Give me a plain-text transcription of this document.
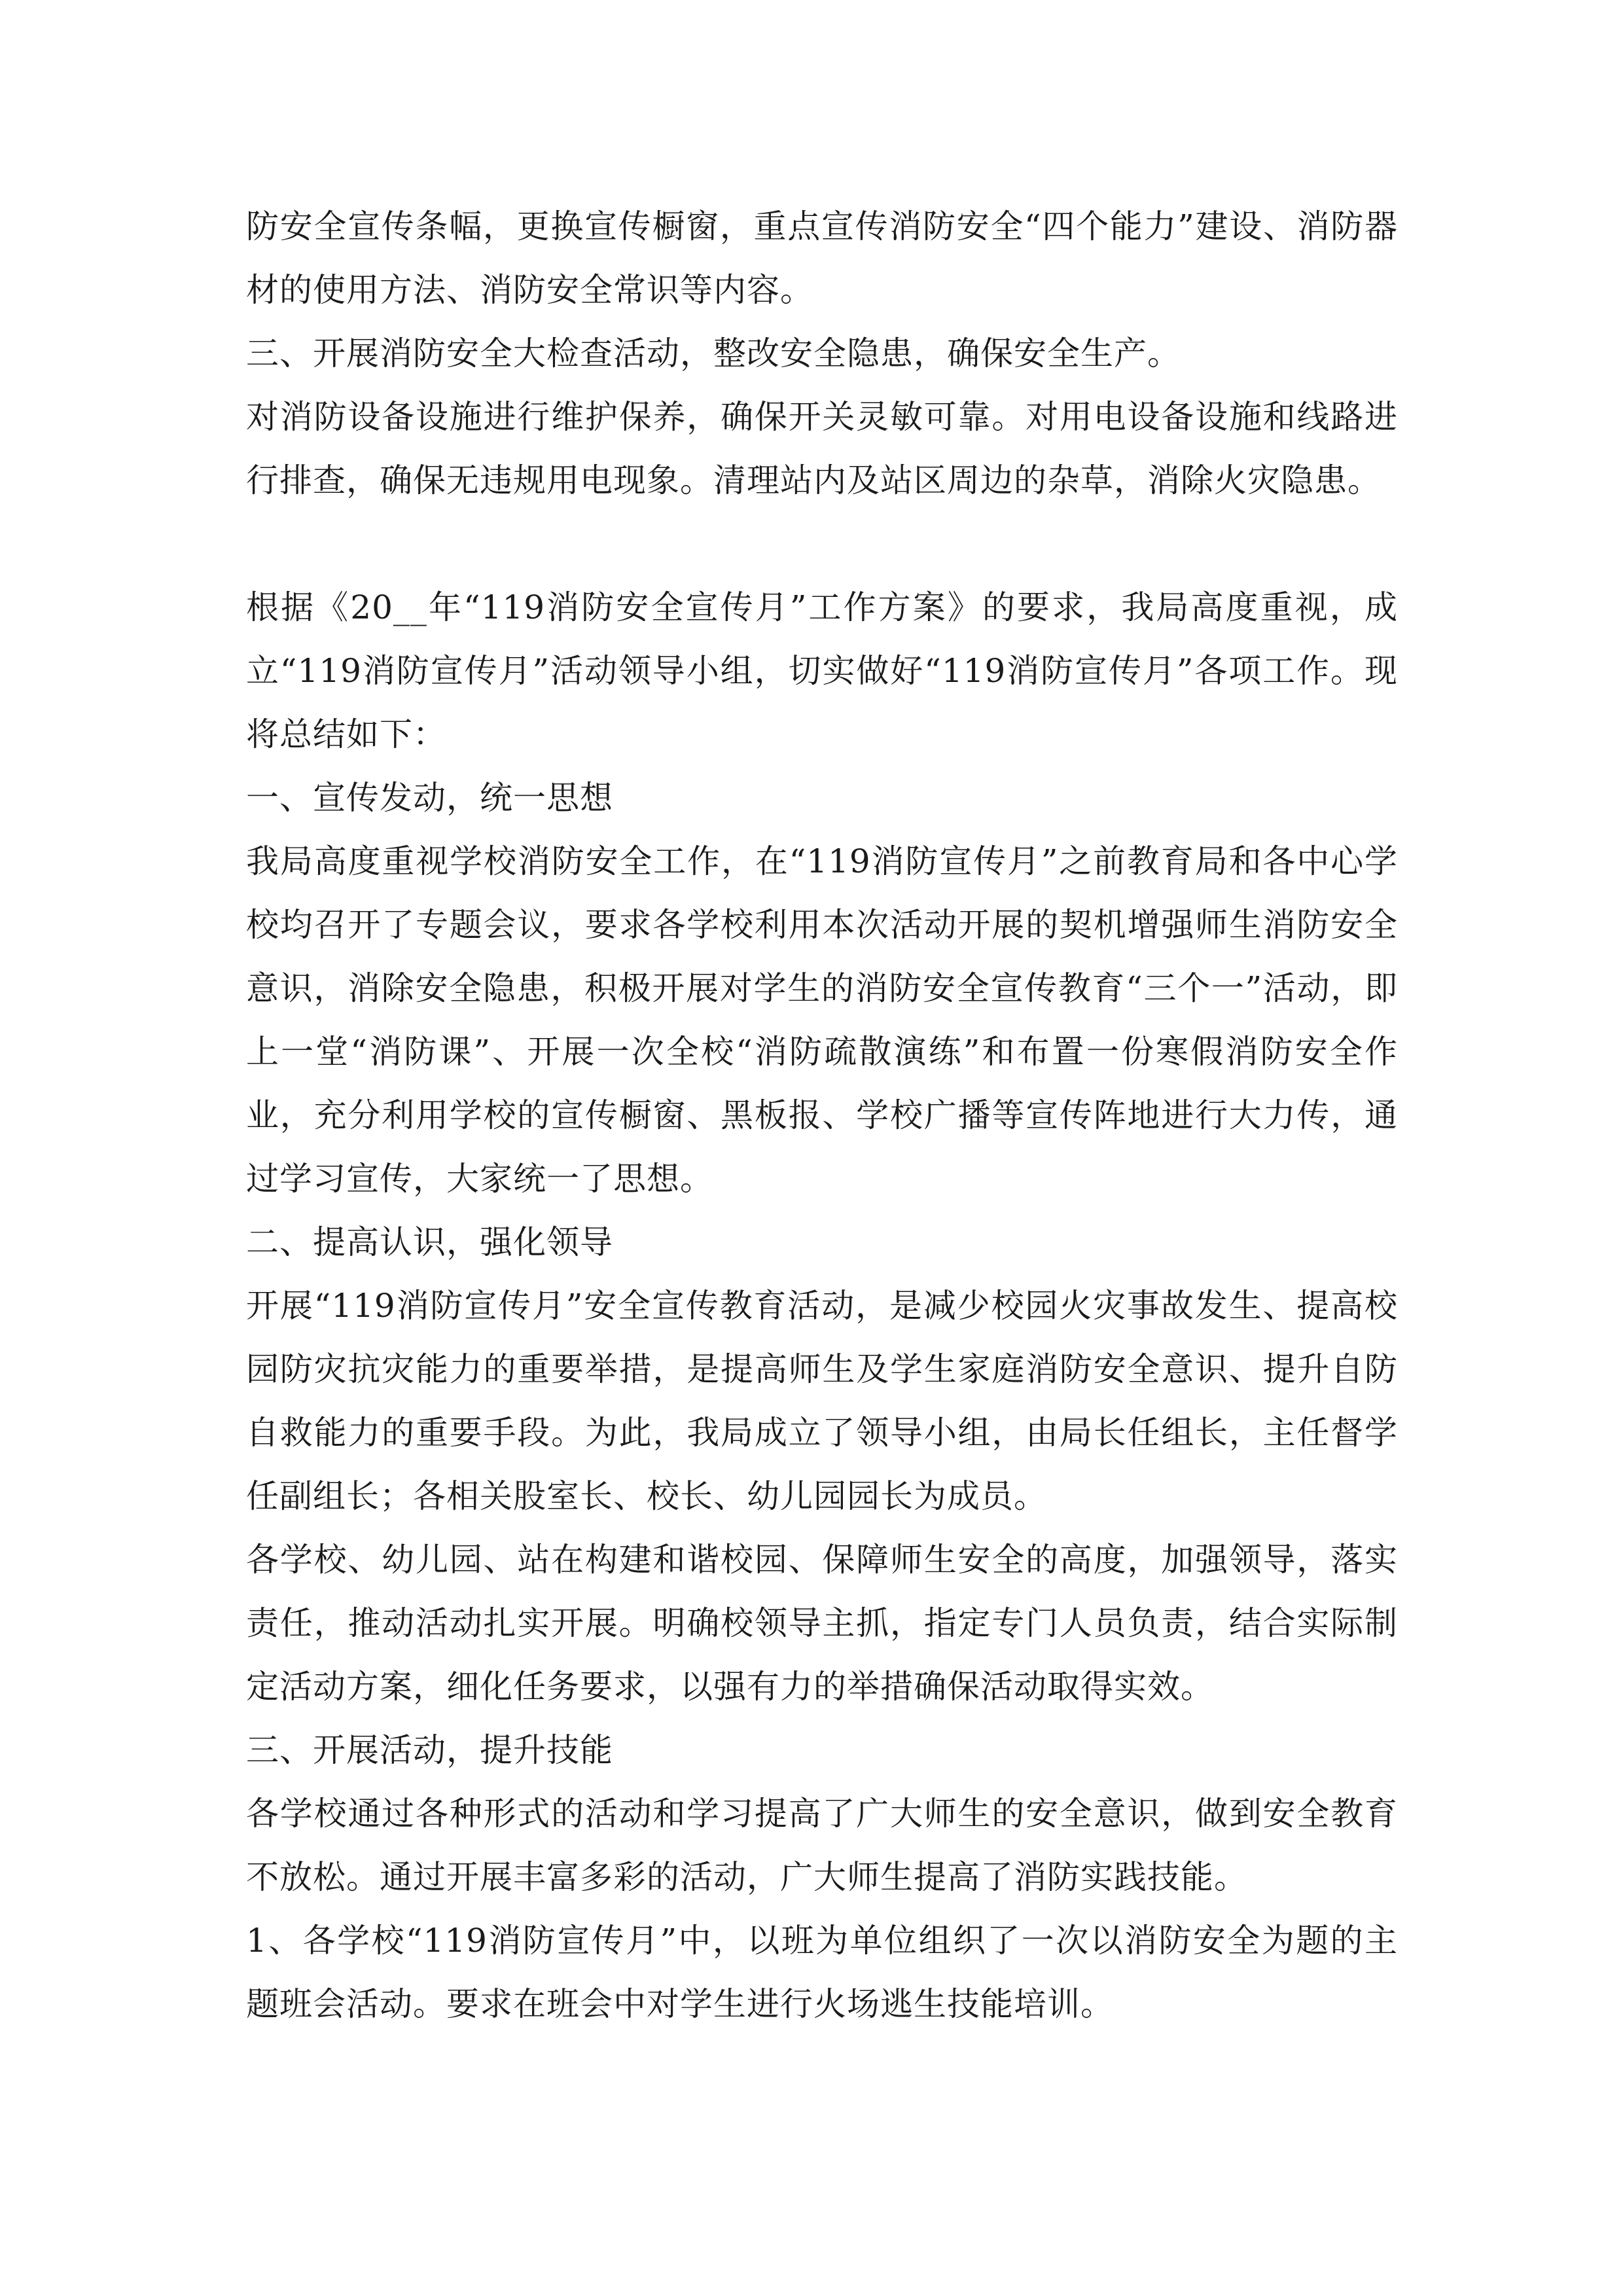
防安全宣传条幅，更换宣传橱窗，重点宣传消防安全“四个能力”建设、消防器材的使用方法、消防安全常识等内容。

三、开展消防安全大检查活动，整改安全隐患，确保安全生产。

对消防设备设施进行维护保养，确保开关灵敏可靠。对用电设备设施和线路进行排查，确保无违规用电现象。清理站内及站区周边的杂草，消除火灾隐患。

根据《20__年“119消防安全宣传月”工作方案》的要求，我局高度重视，成立“119消防宣传月”活动领导小组，切实做好“119消防宣传月”各项工作。现将总结如下：

一、宣传发动，统一思想

我局高度重视学校消防安全工作，在“119消防宣传月”之前教育局和各中心学校均召开了专题会议，要求各学校利用本次活动开展的契机增强师生消防安全意识，消除安全隐患，积极开展对学生的消防安全宣传教育“三个一”活动，即上一堂“消防课”、开展一次全校“消防疏散演练”和布置一份寒假消防安全作业，充分利用学校的宣传橱窗、黑板报、学校广播等宣传阵地进行大力传，通过学习宣传，大家统一了思想。

二、提高认识，强化领导

开展“119消防宣传月”安全宣传教育活动，是减少校园火灾事故发生、提高校园防灾抗灾能力的重要举措，是提高师生及学生家庭消防安全意识、提升自防自救能力的重要手段。为此，我局成立了领导小组，由局长任组长，主任督学任副组长；各相关股室长、校长、幼儿园园长为成员。

各学校、幼儿园、站在构建和谐校园、保障师生安全的高度，加强领导，落实责任，推动活动扎实开展。明确校领导主抓，指定专门人员负责，结合实际制定活动方案，细化任务要求，以强有力的举措确保活动取得实效。

三、开展活动，提升技能

各学校通过各种形式的活动和学习提高了广大师生的安全意识，做到安全教育不放松。通过开展丰富多彩的活动，广大师生提高了消防实践技能。

1、各学校“119消防宣传月”中，以班为单位组织了一次以消防安全为题的主题班会活动。要求在班会中对学生进行火场逃生技能培训。
